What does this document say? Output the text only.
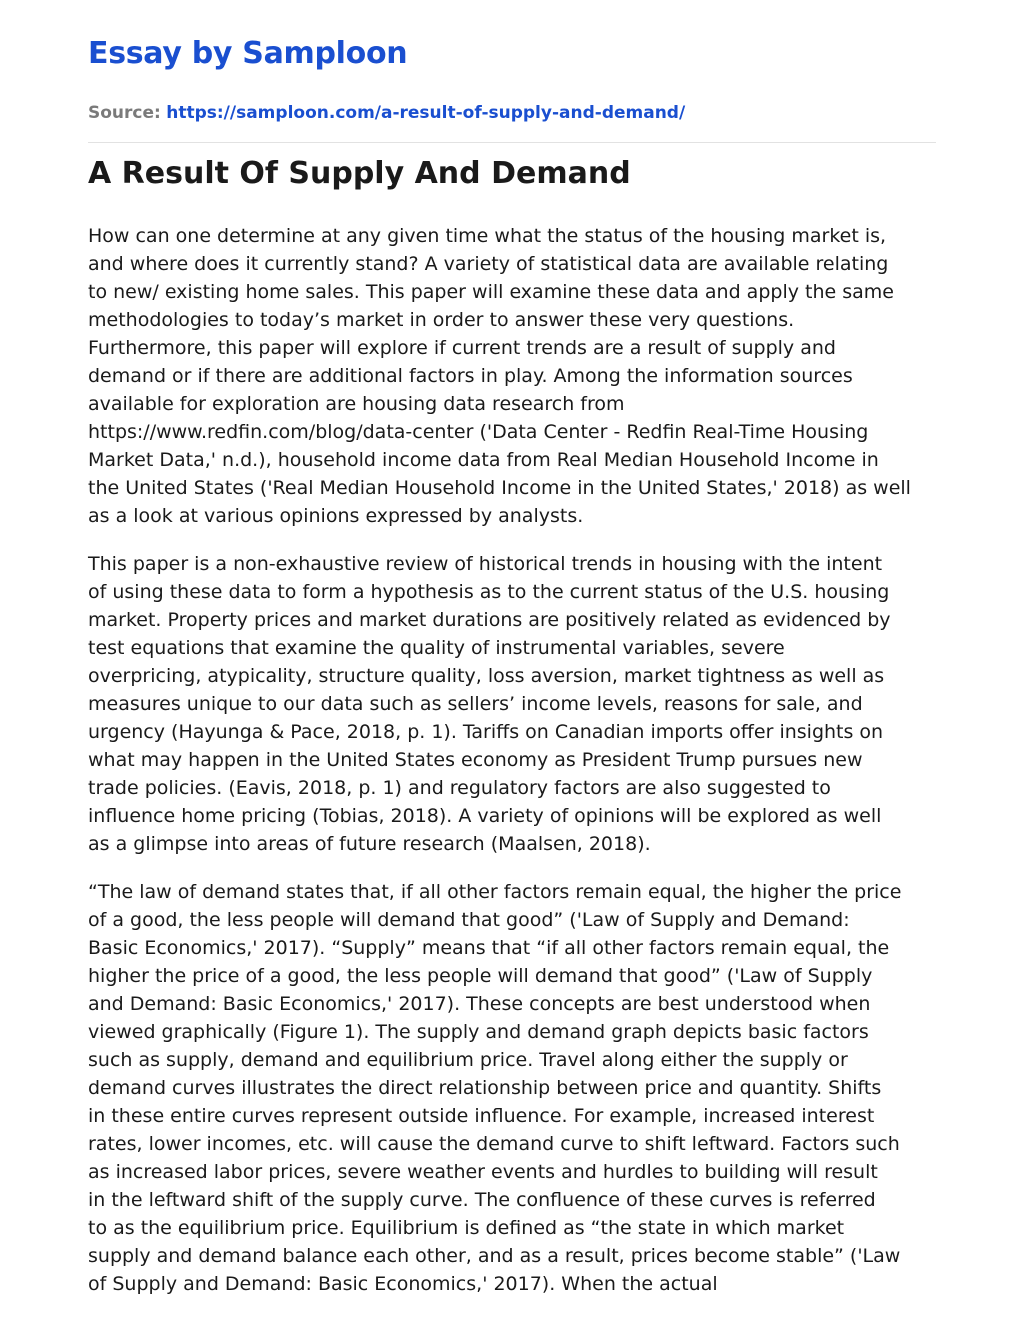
Essay by Samploon
Source: https://samploon.com/a-result-of-supply-and-demand/
A Result Of Supply And Demand

How can one determine at any given time what the status of the housing market is,
and where does it currently stand? A variety of statistical data are available relating
to new/ existing home sales. This paper will examine these data and apply the same
methodologies to today’s market in order to answer these very questions.
Furthermore, this paper will explore if current trends are a result of supply and
demand or if there are additional factors in play. Among the information sources
available for exploration are housing data research from
https://www.redfin.com/blog/data-center ('Data Center - Redfin Real-Time Housing
Market Data,' n.d.), household income data from Real Median Household Income in
the United States ('Real Median Household Income in the United States,' 2018) as well
as a look at various opinions expressed by analysts.

This paper is a non-exhaustive review of historical trends in housing with the intent
of using these data to form a hypothesis as to the current status of the U.S. housing
market. Property prices and market durations are positively related as evidenced by
test equations that examine the quality of instrumental variables, severe
overpricing, atypicality, structure quality, loss aversion, market tightness as well as
measures unique to our data such as sellers’ income levels, reasons for sale, and
urgency (Hayunga & Pace, 2018, p. 1). Tariffs on Canadian imports offer insights on
what may happen in the United States economy as President Trump pursues new
trade policies. (Eavis, 2018, p. 1) and regulatory factors are also suggested to
influence home pricing (Tobias, 2018). A variety of opinions will be explored as well
as a glimpse into areas of future research (Maalsen, 2018).

“The law of demand states that, if all other factors remain equal, the higher the price
of a good, the less people will demand that good” ('Law of Supply and Demand:
Basic Economics,' 2017). “Supply” means that “if all other factors remain equal, the
higher the price of a good, the less people will demand that good” ('Law of Supply
and Demand: Basic Economics,' 2017). These concepts are best understood when
viewed graphically (Figure 1). The supply and demand graph depicts basic factors
such as supply, demand and equilibrium price. Travel along either the supply or
demand curves illustrates the direct relationship between price and quantity. Shifts
in these entire curves represent outside influence. For example, increased interest
rates, lower incomes, etc. will cause the demand curve to shift leftward. Factors such
as increased labor prices, severe weather events and hurdles to building will result
in the leftward shift of the supply curve. The confluence of these curves is referred
to as the equilibrium price. Equilibrium is defined as “the state in which market
supply and demand balance each other, and as a result, prices become stable” ('Law
of Supply and Demand: Basic Economics,' 2017). When the actual
